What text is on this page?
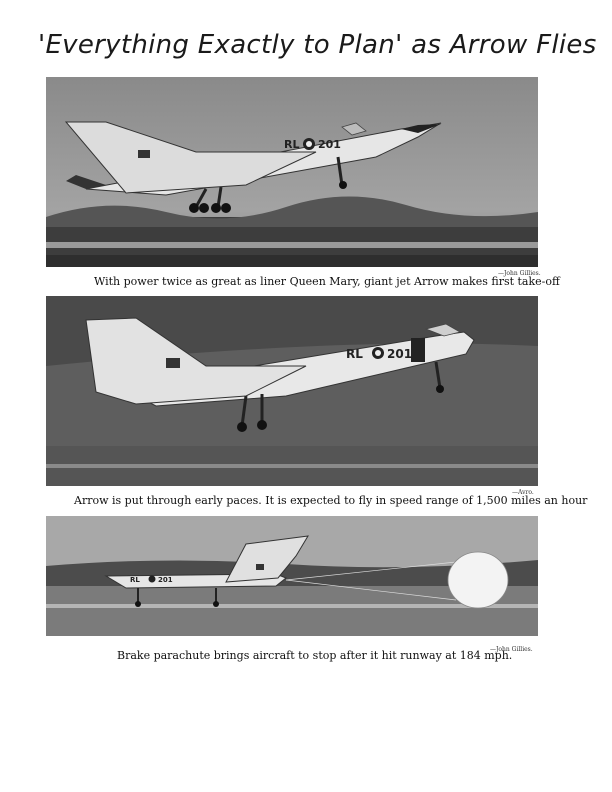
'Everything Exactly to Plan' as Arrow Flies
RL 201
—John Gillies.
With power twice as great as liner Queen Mary, giant jet Arrow makes first take-off
RL 201
—Avro.
Arrow is put through early paces. It is expected to fly in speed range of 1,500 miles an hour
RL	201
—John Gillies.
Brake parachute brings aircraft to stop after it hit runway at 184 mph.
